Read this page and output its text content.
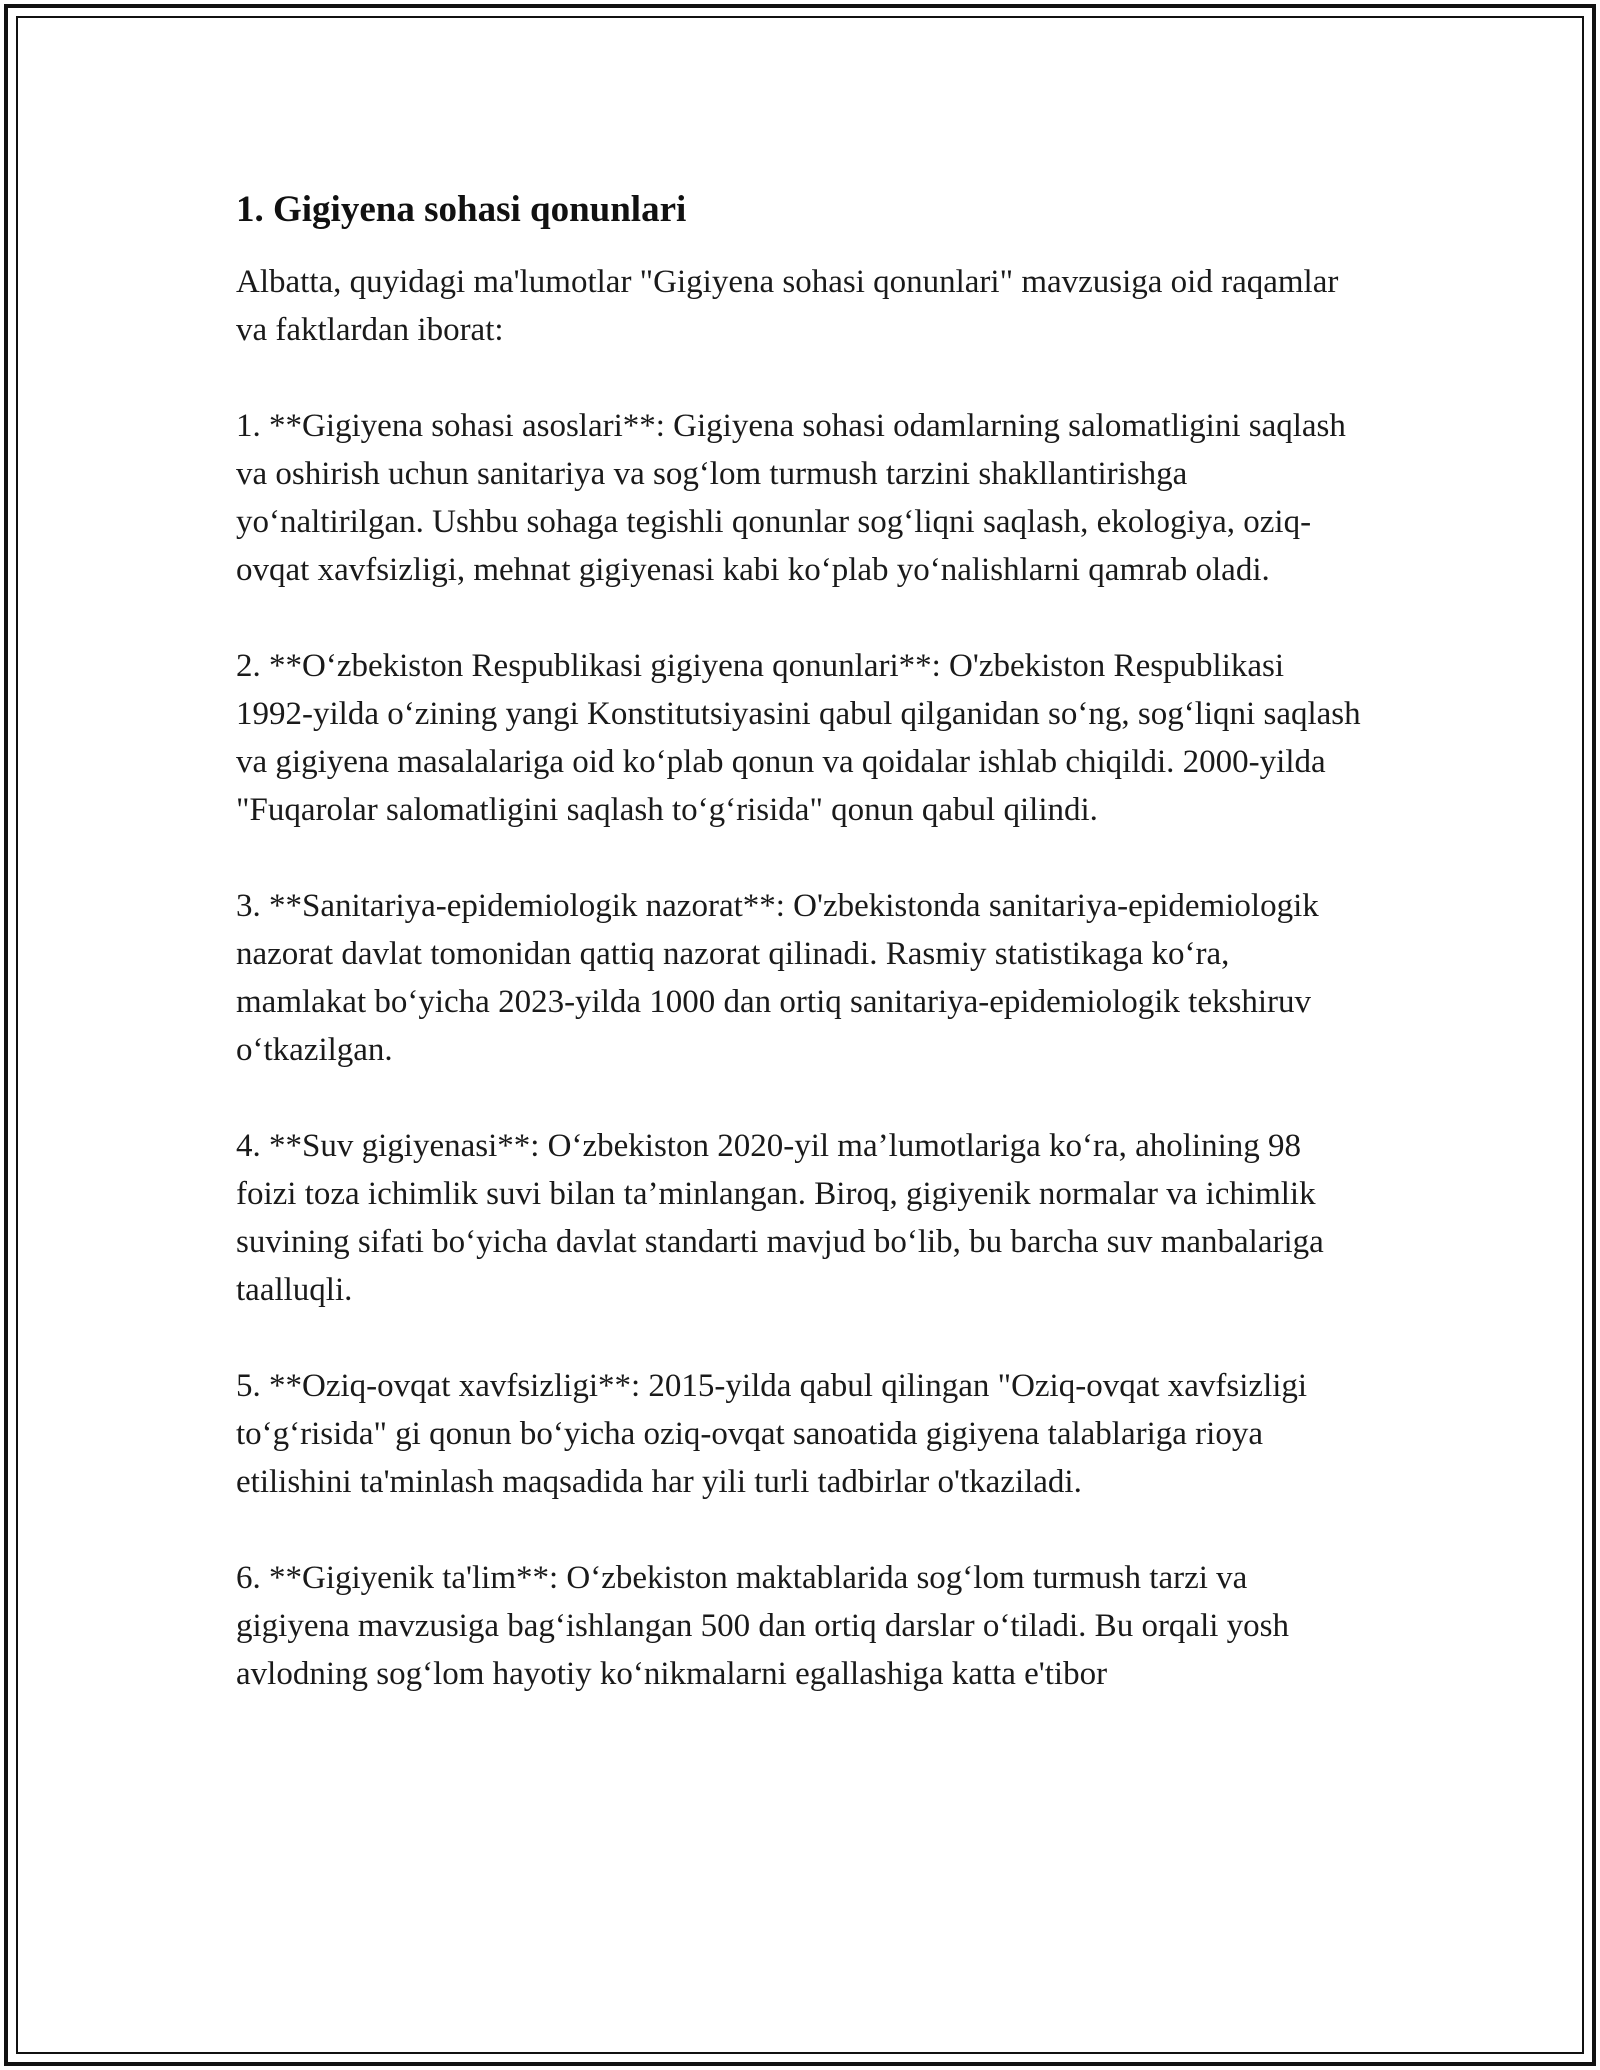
1. Gigiyena sohasi qonunlari

Albatta, quyidagi ma'lumotlar "Gigiyena sohasi qonunlari" mavzusiga oid raqamlar va faktlardan iborat:

1. **Gigiyena sohasi asoslari**: Gigiyena sohasi odamlarning salomatligini saqlash va oshirish uchun sanitariya va sog‘lom turmush tarzini shakllantirishga yo‘naltirilgan. Ushbu sohaga tegishli qonunlar sog‘liqni saqlash, ekologiya, oziq-ovqat xavfsizligi, mehnat gigiyenasi kabi ko‘plab yo‘nalishlarni qamrab oladi.

2. **O‘zbekiston Respublikasi gigiyena qonunlari**: O'zbekiston Respublikasi 1992-yilda o‘zining yangi Konstitutsiyasini qabul qilganidan so‘ng, sog‘liqni saqlash va gigiyena masalalariga oid ko‘plab qonun va qoidalar ishlab chiqildi. 2000-yilda "Fuqarolar salomatligini saqlash to‘g‘risida" qonun qabul qilindi.

3. **Sanitariya-epidemiologik nazorat**: O'zbekistonda sanitariya-epidemiologik nazorat davlat tomonidan qattiq nazorat qilinadi. Rasmiy statistikaga ko‘ra, mamlakat bo‘yicha 2023-yilda 1000 dan ortiq sanitariya-epidemiologik tekshiruv o‘tkazilgan.

4. **Suv gigiyenasi**: O‘zbekiston 2020-yil ma’lumotlariga ko‘ra, aholining 98 foizi toza ichimlik suvi bilan ta’minlangan. Biroq, gigiyenik normalar va ichimlik suvining sifati bo‘yicha davlat standarti mavjud bo‘lib, bu barcha suv manbalariga taalluqli.

5. **Oziq-ovqat xavfsizligi**: 2015-yilda qabul qilingan "Oziq-ovqat xavfsizligi to‘g‘risida" gi qonun bo‘yicha oziq-ovqat sanoatida gigiyena talablariga rioya etilishini ta'minlash maqsadida har yili turli tadbirlar o'tkaziladi.

6. **Gigiyenik ta'lim**: O‘zbekiston maktablarida sog‘lom turmush tarzi va gigiyena mavzusiga bag‘ishlangan 500 dan ortiq darslar o‘tiladi. Bu orqali yosh avlodning sog‘lom hayotiy ko‘nikmalarni egallashiga katta e'tibor
